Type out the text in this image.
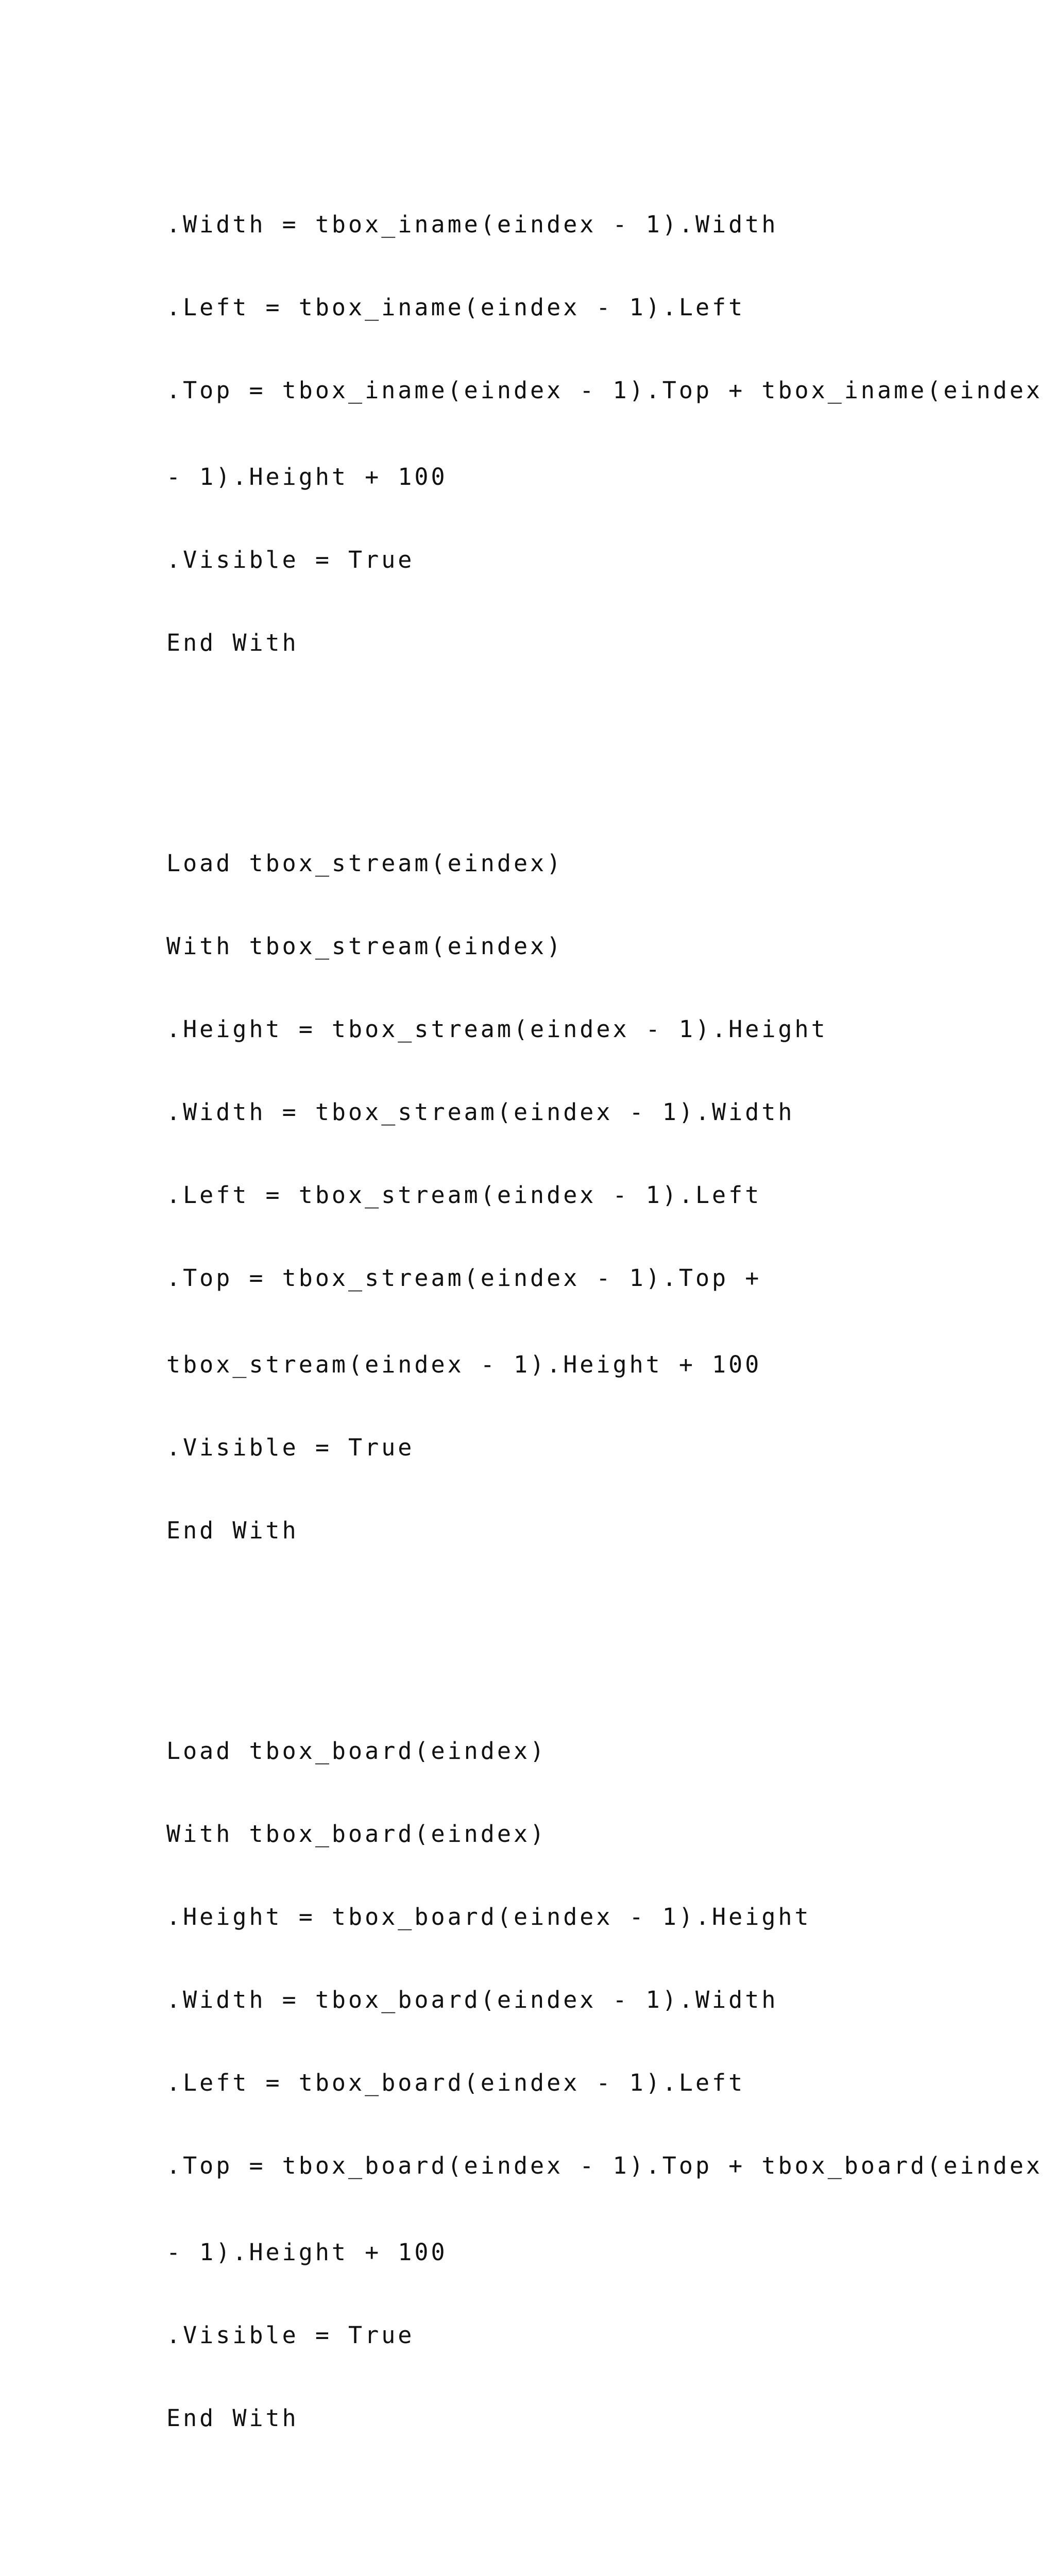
.Width = tbox_iname(eindex - 1).Width

.Left = tbox_iname(eindex - 1).Left

.Top = tbox_iname(eindex - 1).Top + tbox_iname(eindex

- 1).Height + 100

.Visible = True

End With

Load tbox_stream(eindex)

With tbox_stream(eindex)

.Height = tbox_stream(eindex - 1).Height

.Width = tbox_stream(eindex - 1).Width

.Left = tbox_stream(eindex - 1).Left

.Top = tbox_stream(eindex - 1).Top +

tbox_stream(eindex - 1).Height + 100

.Visible = True

End With

Load tbox_board(eindex)

With tbox_board(eindex)

.Height = tbox_board(eindex - 1).Height

.Width = tbox_board(eindex - 1).Width

.Left = tbox_board(eindex - 1).Left

.Top = tbox_board(eindex - 1).Top + tbox_board(eindex

- 1).Height + 100

.Visible = True

End With
